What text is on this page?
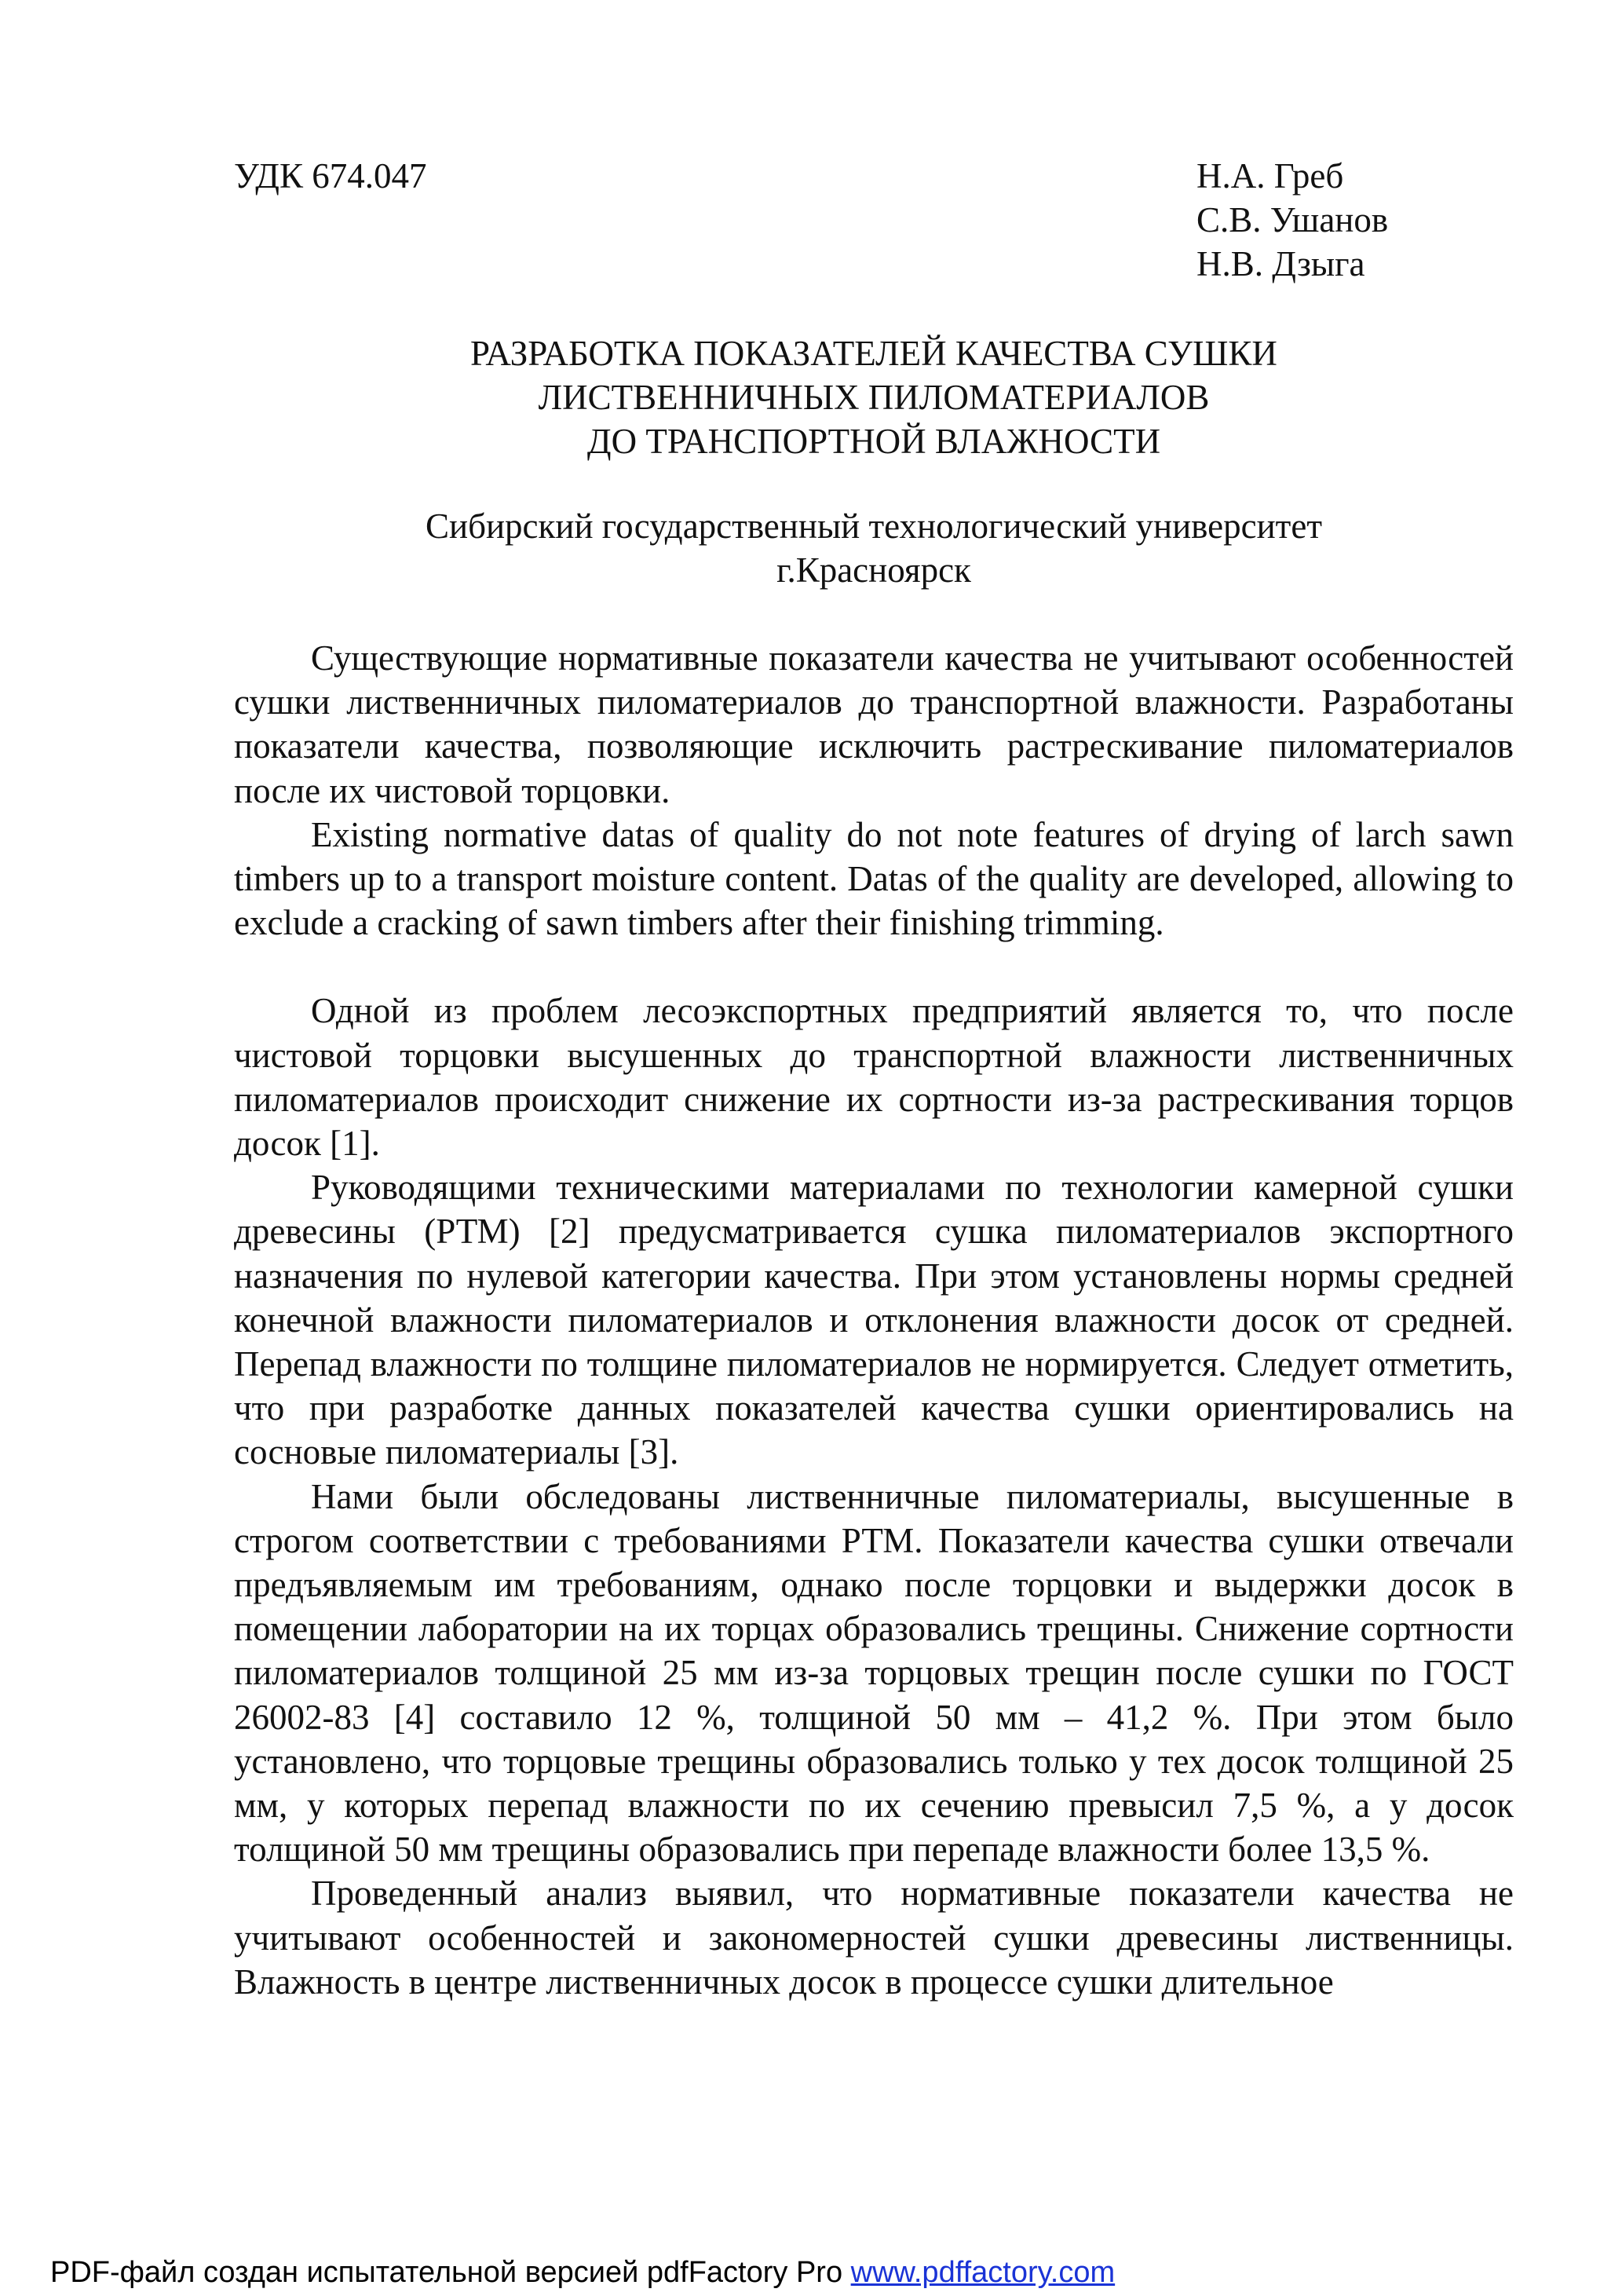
УДК 674.047	Н.А. Греб
С.В. Ушанов
Н.В. Дзыга
РАЗРАБОТКА ПОКАЗАТЕЛЕЙ КАЧЕСТВА СУШКИ
ЛИСТВЕННИЧНЫХ ПИЛОМАТЕРИАЛОВ
ДО ТРАНСПОРТНОЙ ВЛАЖНОСТИ
Сибирский государственный технологический университет
г.Красноярск

Существующие нормативные показатели качества не учитывают особенностей сушки лиственничных пиломатериалов до транспортной влажности. Разработаны показатели качества, позволяющие исключить растрескивание пиломатериалов после их чистовой торцовки.

Existing normative datas of quality do not note features of drying of larch sawn timbers up to a transport moisture content. Datas of the quality are developed, allowing to exclude a cracking of sawn timbers after their finishing trimming.

Одной из проблем лесоэкспортных предприятий является то, что после чистовой торцовки высушенных до транспортной влажности лиственничных пиломатериалов происходит снижение их сортности из-за растрескивания торцов досок [1].

Руководящими техническими материалами по технологии камерной сушки древесины (РТМ) [2] предусматривается сушка пиломатериалов экспортного назначения по нулевой категории качества. При этом установлены нормы средней конечной влажности пиломатериалов и отклонения влажности досок от средней. Перепад влажности по толщине пиломатериалов не нормируется. Следует отметить, что при разработке данных показателей качества сушки ориентировались на сосновые пиломатериалы [3].

Нами были обследованы лиственничные пиломатериалы, высушенные в строгом соответствии с требованиями РТМ. Показатели качества сушки отвечали предъявляемым им требованиям, однако после торцовки и выдержки досок в помещении лаборатории на их торцах образовались трещины. Снижение сортности пиломатериалов толщиной 25 мм из-за торцовых трещин после сушки по ГОСТ 26002-83 [4] составило 12 %, толщиной 50 мм – 41,2 %. При этом было установлено, что торцовые трещины образовались только у тех досок толщиной 25 мм, у которых перепад влажности по их сечению превысил 7,5 %, а у досок толщиной 50 мм трещины образовались при перепаде влажности более 13,5 %.

Проведенный анализ выявил, что нормативные показатели качества не учитывают особенностей и закономерностей сушки древесины лиственницы. Влажность в центре лиственничных досок в процессе сушки длительное

PDF-файл создан испытательной версией pdfFactory Pro www.pdffactory.com
